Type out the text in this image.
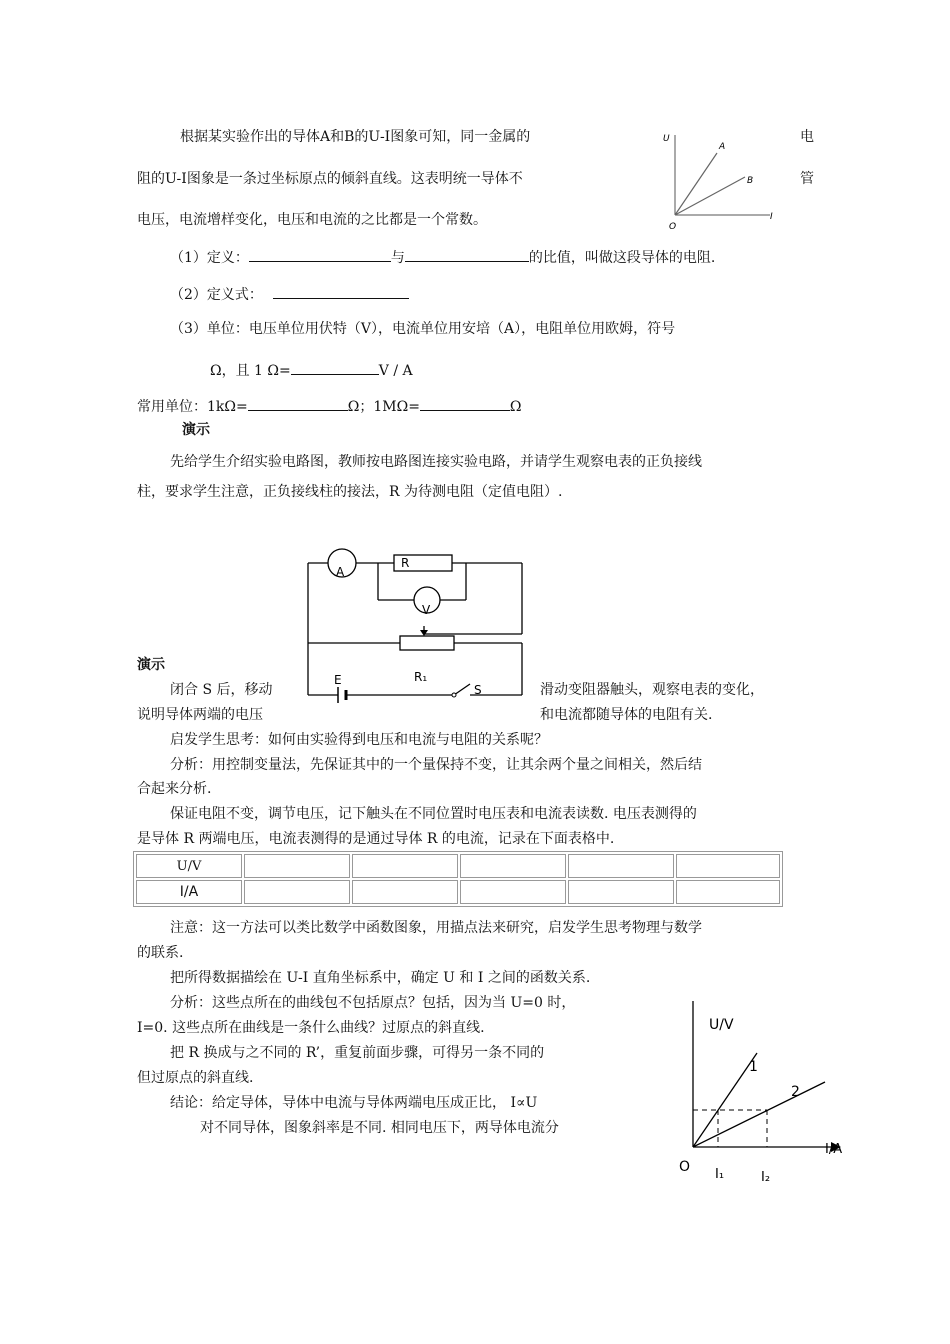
根据某实验作出的导体A和B的U-I图象可知，同一金属的	电
阻的U-I图象是一条过坐标原点的倾斜直线。这表明统一导体不	管
电压，电流增样变化，电压和电流的之比都是一个常数。
U
I
O
A
B
（1）定义：	与	的比值，叫做这段导体的电阻.
（2）定义式：
（3）单位：电压单位用伏特（V），电流单位用安培（A），电阻单位用欧姆，符号
Ω，且 1 Ω=	V / A
常用单位：1kΩ=	Ω；1MΩ=	Ω
演示
先给学生介绍实验电路图，教师按电路图连接实验电路，并请学生观察电表的正负接线
柱，要求学生注意，正负接线柱的接法，R 为待测电阻（定值电阻）.
A
R
V
R₁
E
S
演示
闭合 S 后，移动	滑动变阻器触头，观察电表的变化，
说明导体两端的电压	和电流都随导体的电阻有关.
启发学生思考：如何由实验得到电压和电流与电阻的关系呢？
分析：用控制变量法，先保证其中的一个量保持不变，让其余两个量之间相关，然后结
合起来分析.
保证电阻不变，调节电压，记下触头在不同位置时电压表和电流表读数. 电压表测得的
是导体 R 两端电压，电流表测得的是通过导体 R 的电流，记录在下面表格中.
U/V					
I/A					
注意：这一方法可以类比数学中函数图象，用描点法来研究，启发学生思考物理与数学
的联系.
把所得数据描绘在 U-I 直角坐标系中，确定 U 和 I 之间的函数关系.
分析：这些点所在的曲线包不包括原点？包括，因为当 U=0 时，
I=0. 这些点所在曲线是一条什么曲线？过原点的斜直线.
把 R 换成与之不同的 R’，重复前面步骤，可得另一条不同的
但过原点的斜直线.
结论：给定导体，导体中电流与导体两端电压成正比， I∝U
对不同导体，图象斜率是不同. 相同电压下，两导体电流分
U/V
I/A
O
1
2
I₁	I₂
